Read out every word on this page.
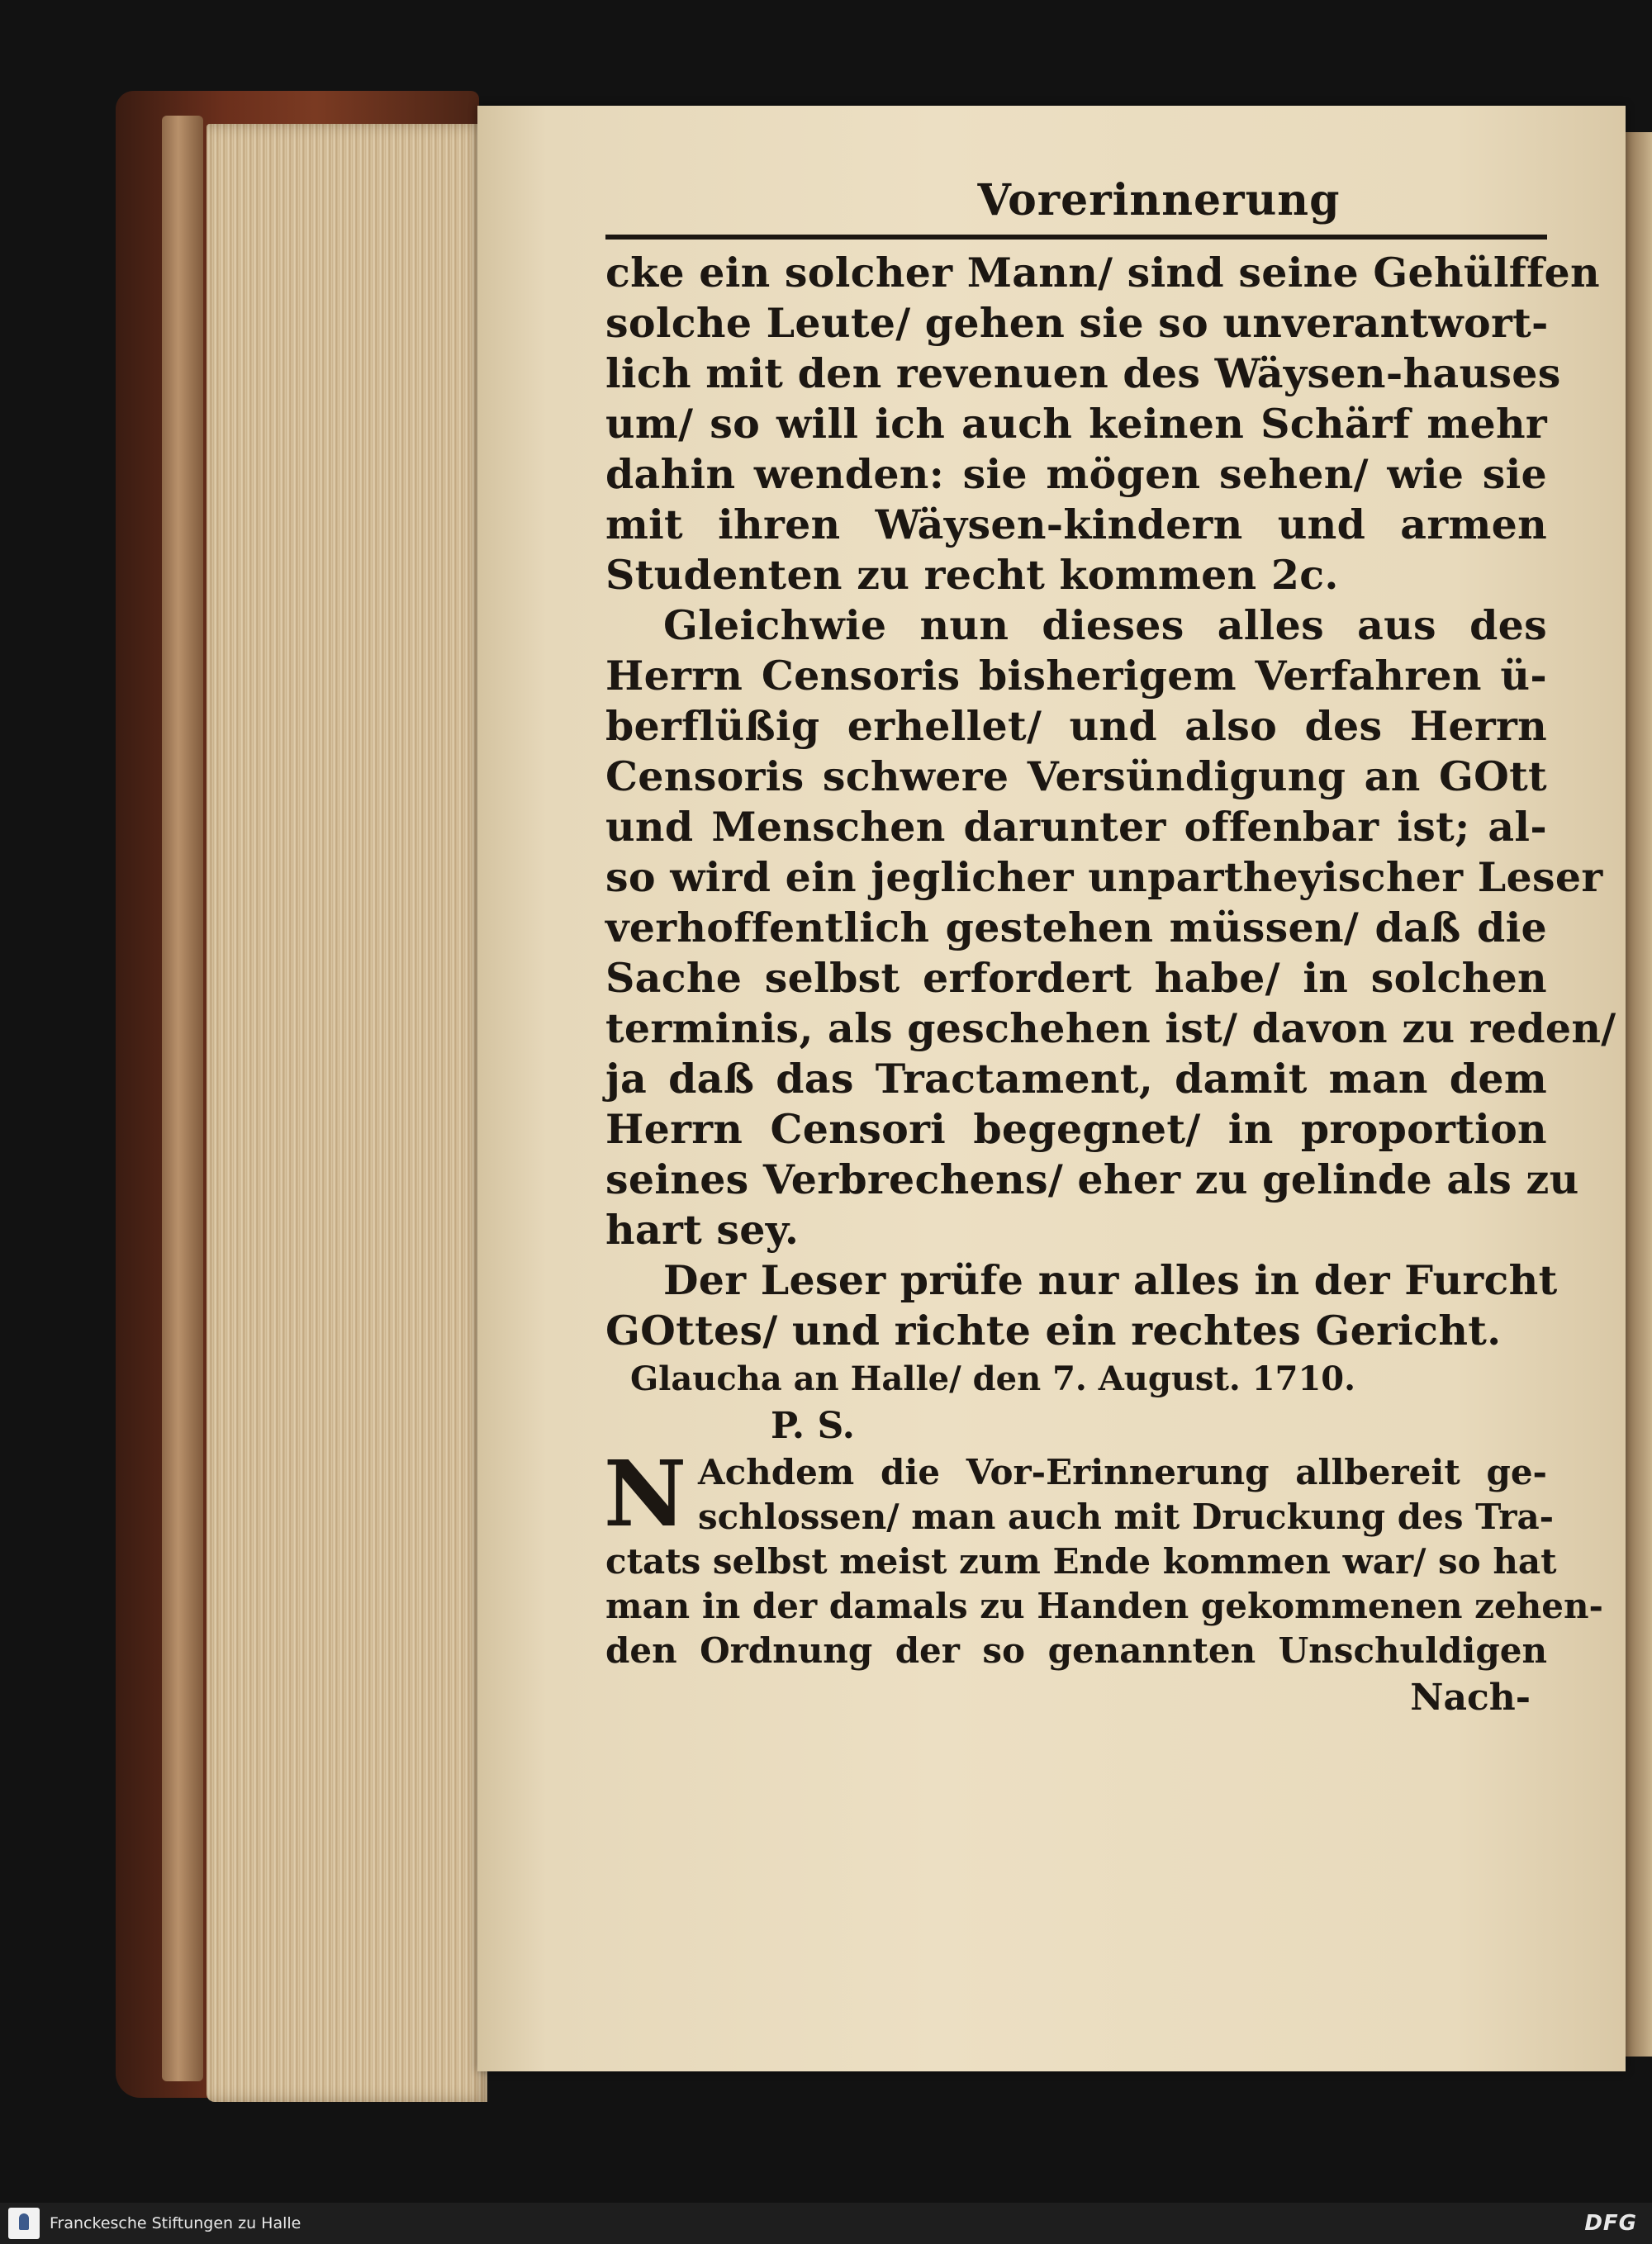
Vorerinnerung
cke ein solcher Mann/ sind seine Gehülffen
solche Leute/ gehen sie so unverantwort-
lich mit den revenuen des Wäysen-hauses
um/ so will ich auch keinen Schärf mehr
dahin wenden: sie mögen sehen/ wie sie
mit ihren Wäysen-kindern und armen
Studenten zu recht kommen 2c.
Gleichwie nun dieses alles aus des
Herrn Censoris bisherigem Verfahren ü-
berflüßig erhellet/ und also des Herrn
Censoris schwere Versündigung an GOtt
und Menschen darunter offenbar ist; al-
so wird ein jeglicher unpartheyischer Leser
verhoffentlich gestehen müssen/ daß die
Sache selbst erfordert habe/ in solchen
terminis, als geschehen ist/ davon zu reden/
ja daß das Tractament, damit man dem
Herrn Censori begegnet/ in proportion
seines Verbrechens/ eher zu gelinde als zu
hart sey.
Der Leser prüfe nur alles in der Furcht
GOttes/ und richte ein rechtes Gericht.
Glaucha an Halle/ den 7. August. 1710.
P. S.
N Achdem die Vor-Erinnerung allbereit ge-
schlossen/ man auch mit Druckung des Tra-
ctats selbst meist zum Ende kommen war/ so hat
man in der damals zu Handen gekommenen zehen-
den Ordnung der so genannten Unschuldigen
Nach-
Franckesche Stiftungen zu Halle	DFG
